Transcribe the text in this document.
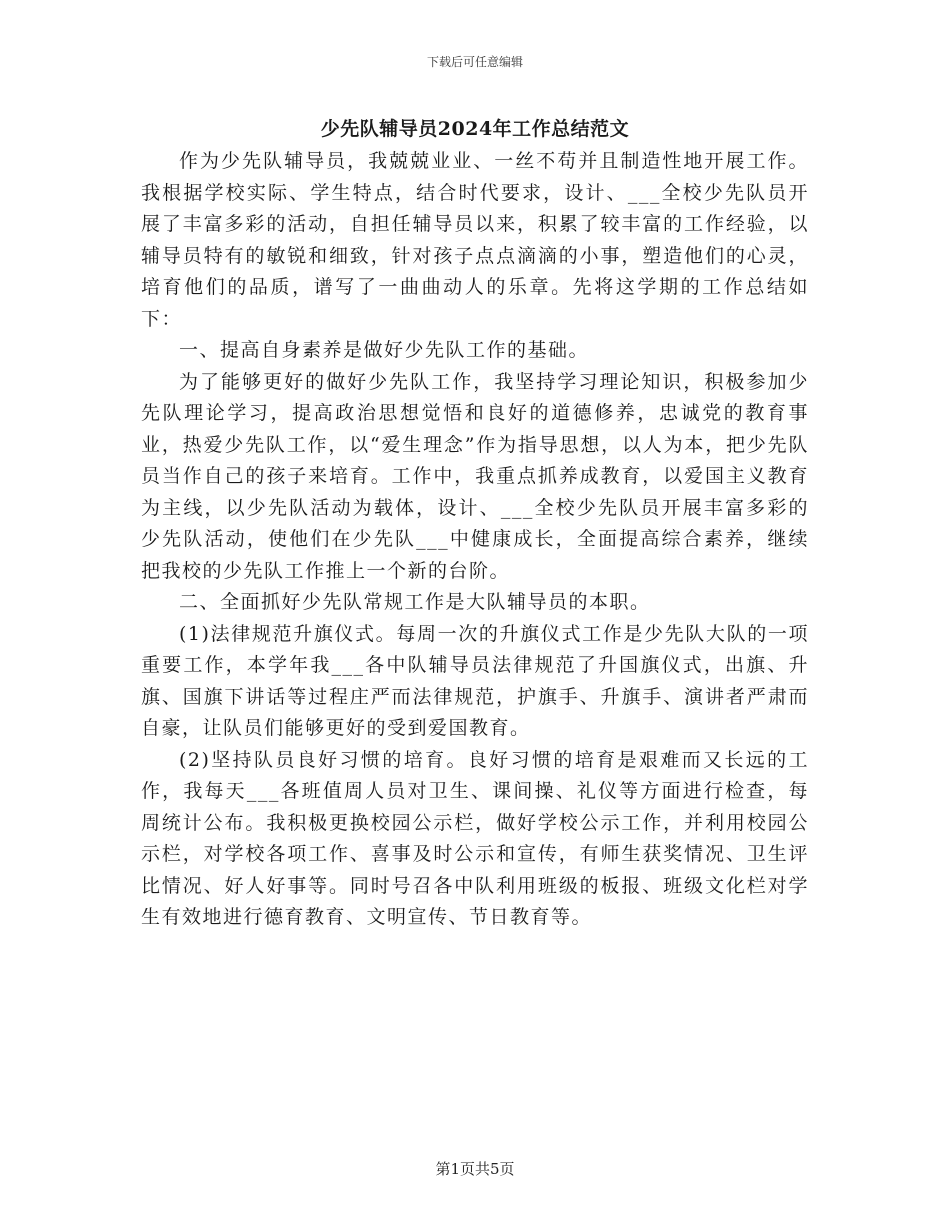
下载后可任意编辑
少先队辅导员2024年工作总结范文

作为少先队辅导员，我兢兢业业、一丝不苟并且制造性地开展工作。我根据学校实际、学生特点，结合时代要求，设计、___全校少先队员开展了丰富多彩的活动，自担任辅导员以来，积累了较丰富的工作经验，以辅导员特有的敏锐和细致，针对孩子点点滴滴的小事，塑造他们的心灵，培育他们的品质，谱写了一曲曲动人的乐章。先将这学期的工作总结如下：

一、提高自身素养是做好少先队工作的基础。

为了能够更好的做好少先队工作，我坚持学习理论知识，积极参加少先队理论学习，提高政治思想觉悟和良好的道德修养，忠诚党的教育事业，热爱少先队工作，以“爱生理念”作为指导思想，以人为本，把少先队员当作自己的孩子来培育。工作中，我重点抓养成教育，以爱国主义教育为主线，以少先队活动为载体，设计、___全校少先队员开展丰富多彩的少先队活动，使他们在少先队___中健康成长，全面提高综合素养，继续把我校的少先队工作推上一个新的台阶。

二、全面抓好少先队常规工作是大队辅导员的本职。

(1)法律规范升旗仪式。每周一次的升旗仪式工作是少先队大队的一项重要工作，本学年我___各中队辅导员法律规范了升国旗仪式，出旗、升旗、国旗下讲话等过程庄严而法律规范，护旗手、升旗手、演讲者严肃而自豪，让队员们能够更好的受到爱国教育。

(2)坚持队员良好习惯的培育。良好习惯的培育是艰难而又长远的工作，我每天___各班值周人员对卫生、课间操、礼仪等方面进行检查，每周统计公布。我积极更换校园公示栏，做好学校公示工作，并利用校园公示栏，对学校各项工作、喜事及时公示和宣传，有师生获奖情况、卫生评比情况、好人好事等。同时号召各中队利用班级的板报、班级文化栏对学生有效地进行德育教育、文明宣传、节日教育等。

第1页共5页
